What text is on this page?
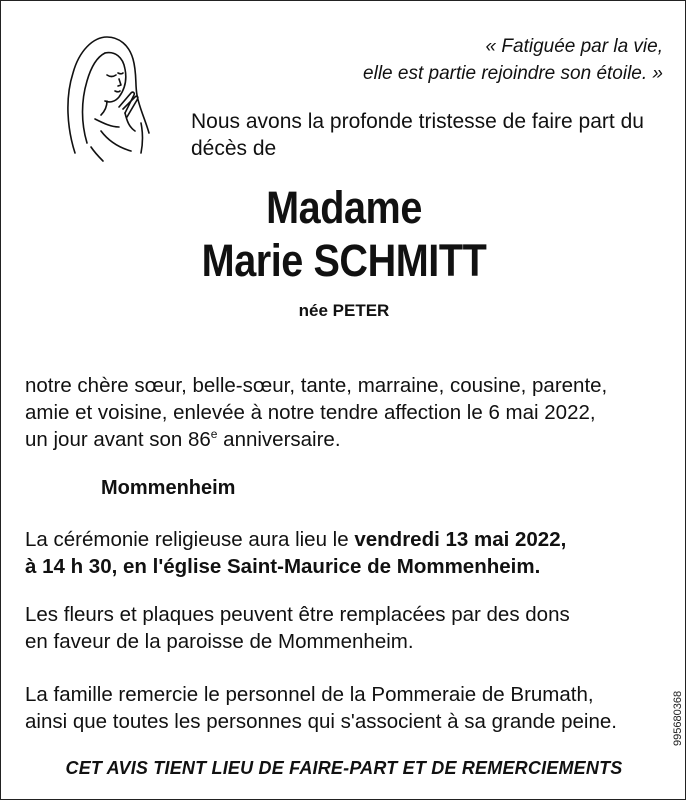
« Fatiguée par la vie,
elle est partie rejoindre son étoile. »
Nous avons la profonde tristesse de faire part du
décès de
Madame
Marie SCHMITT
née PETER
notre chère sœur, belle-sœur, tante, marraine, cousine, parente,
amie et voisine, enlevée à notre tendre affection le 6 mai 2022,
un jour avant son 86e anniversaire.
Mommenheim
La cérémonie religieuse aura lieu le vendredi 13 mai 2022,
à 14 h 30, en l'église Saint-Maurice de Mommenheim.
Les fleurs et plaques peuvent être remplacées par des dons
en faveur de la paroisse de Mommenheim.
La famille remercie le personnel de la Pommeraie de Brumath,
ainsi que toutes les personnes qui s'associent à sa grande peine.
CET AVIS TIENT LIEU DE FAIRE-PART ET DE REMERCIEMENTS
995680368
